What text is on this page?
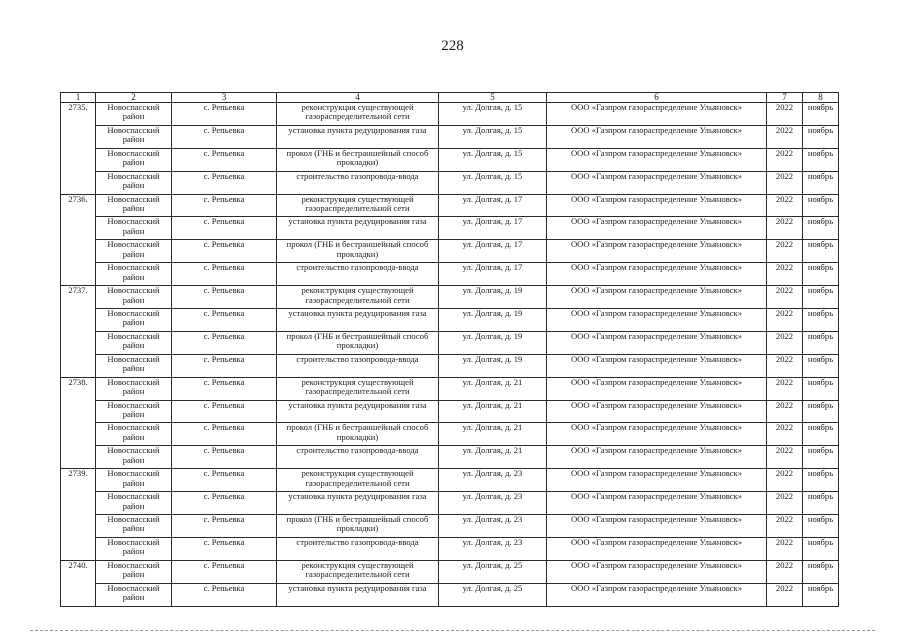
228
1	2	3	4	5	6	7	8
2735.	Новоспасский район	с. Репьевка	реконструкция существующей газораспределительной сети	ул. Долгая, д. 15	ООО «Газпром газораспределение Ульяновск»	2022	ноябрь
	Новоспасский район	с. Репьевка	установка пункта редуцирования газа	ул. Долгая, д. 15	ООО «Газпром газораспределение Ульяновск»	2022	ноябрь
	Новоспасский район	с. Репьевка	прокол (ГНБ и бестраншейный способ прокладки)	ул. Долгая, д. 15	ООО «Газпром газораспределение Ульяновск»	2022	ноябрь
	Новоспасский район	с. Репьевка	строительство газопровода-ввода	ул. Долгая, д. 15	ООО «Газпром газораспределение Ульяновск»	2022	ноябрь
2736.	Новоспасский район	с. Репьевка	реконструкция существующей газораспределительной сети	ул. Долгая, д. 17	ООО «Газпром газораспределение Ульяновск»	2022	ноябрь
	Новоспасский район	с. Репьевка	установка пункта редуцирования газа	ул. Долгая, д. 17	ООО «Газпром газораспределение Ульяновск»	2022	ноябрь
	Новоспасский район	с. Репьевка	прокол (ГНБ и бестраншейный способ прокладки)	ул. Долгая, д. 17	ООО «Газпром газораспределение Ульяновск»	2022	ноябрь
	Новоспасский район	с. Репьевка	строительство газопровода-ввода	ул. Долгая, д. 17	ООО «Газпром газораспределение Ульяновск»	2022	ноябрь
2737.	Новоспасский район	с. Репьевка	реконструкция существующей газораспределительной сети	ул. Долгая, д. 19	ООО «Газпром газораспределение Ульяновск»	2022	ноябрь
	Новоспасский район	с. Репьевка	установка пункта редуцирования газа	ул. Долгая, д. 19	ООО «Газпром газораспределение Ульяновск»	2022	ноябрь
	Новоспасский район	с. Репьевка	прокол (ГНБ и бестраншейный способ прокладки)	ул. Долгая, д. 19	ООО «Газпром газораспределение Ульяновск»	2022	ноябрь
	Новоспасский район	с. Репьевка	строительство газопровода-ввода	ул. Долгая, д. 19	ООО «Газпром газораспределение Ульяновск»	2022	ноябрь
2738.	Новоспасский район	с. Репьевка	реконструкция существующей газораспределительной сети	ул. Долгая, д. 21	ООО «Газпром газораспределение Ульяновск»	2022	ноябрь
	Новоспасский район	с. Репьевка	установка пункта редуцирования газа	ул. Долгая, д. 21	ООО «Газпром газораспределение Ульяновск»	2022	ноябрь
	Новоспасский район	с. Репьевка	прокол (ГНБ и бестраншейный способ прокладки)	ул. Долгая, д. 21	ООО «Газпром газораспределение Ульяновск»	2022	ноябрь
	Новоспасский район	с. Репьевка	строительство газопровода-ввода	ул. Долгая, д. 21	ООО «Газпром газораспределение Ульяновск»	2022	ноябрь
2739.	Новоспасский район	с. Репьевка	реконструкция существующей газораспределительной сети	ул. Долгая, д. 23	ООО «Газпром газораспределение Ульяновск»	2022	ноябрь
	Новоспасский район	с. Репьевка	установка пункта редуцирования газа	ул. Долгая, д. 23	ООО «Газпром газораспределение Ульяновск»	2022	ноябрь
	Новоспасский район	с. Репьевка	прокол (ГНБ и бестраншейный способ прокладки)	ул. Долгая, д. 23	ООО «Газпром газораспределение Ульяновск»	2022	ноябрь
	Новоспасский район	с. Репьевка	строительство газопровода-ввода	ул. Долгая, д. 23	ООО «Газпром газораспределение Ульяновск»	2022	ноябрь
2740.	Новоспасский район	с. Репьевка	реконструкция существующей газораспределительной сети	ул. Долгая, д. 25	ООО «Газпром газораспределение Ульяновск»	2022	ноябрь
	Новоспасский район	с. Репьевка	установка пункта редуцирования газа	ул. Долгая, д. 25	ООО «Газпром газораспределение Ульяновск»	2022	ноябрь
